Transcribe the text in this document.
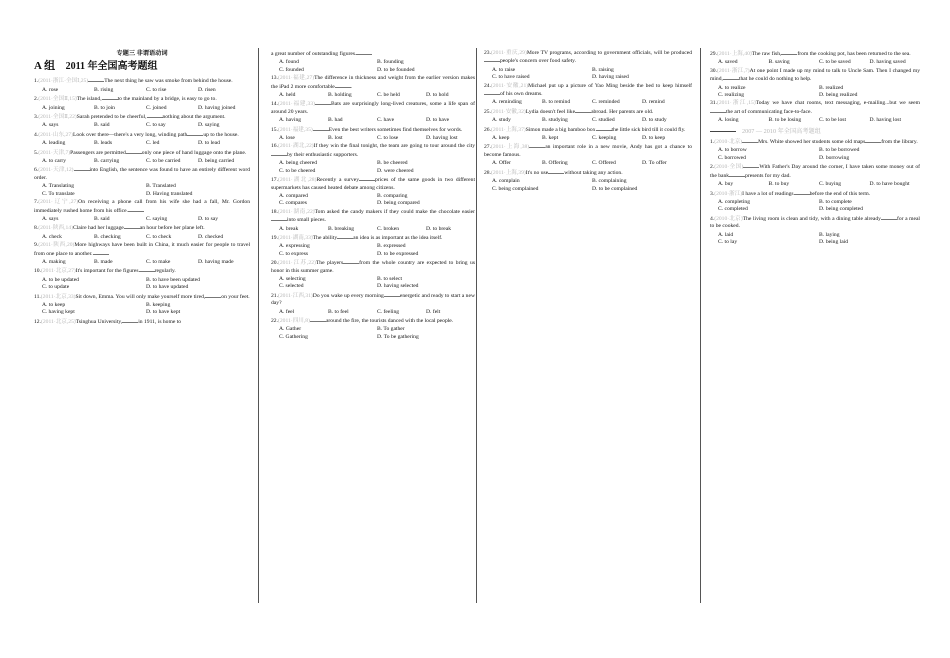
专题三 非谓语动词
A 组 2011 年全国高考题组
1.(2011·浙江·全国Ⅰ,25)	The next thing he saw was smoke from behind the house.
A. rose	B. rising	C. to rise	D. risen
2.(2011·全国Ⅱ,15)The island,	to the mainland by a bridge, is easy to go to.
A. joining	B. to join	C. joined	D. having joined
3.(2011·全国Ⅱ,22)Sarah pretended to be cheerful,	nothing about the argument.
A. says	B. said	C. to say	D. saying
4.(2011·山东,27)Look over there—there's a very long, winding path	up to the house.
A. leading	B. leads	C. led	D. to lead
5.(2011·天津,7)Passengers are permitted	only one piece of hand luggage onto the plane.
A. to carry	B. carrying	C. to be carried	D. being carried
6.(2011·天津,12)	into English, the sentence was found to have an entirely different word order.
A. Translating	B. Translated
C. To translate	D. Having translated
7.(2011·辽宁,27)On receiving a phone call from his wife she had a fall, Mr. Gordon immediately rushed home from his office.
A. says	B. said	C. saying	D. to say
8.(2011·陕西,14)Claire had her luggage	an hour before her plane left.
A. check	B. checking	C. to check	D. checked
9.(2011·陕西,20)More highways have been built in China, it much easier for people to travel from one place to another.
A. making	B. made	C. to make	D. having made
10.(2011·北京,27)It's important for the figures	regularly.
A. to be updated	B. to have been updated
C. to update	D. to have updated
11.(2011·北京,33)Sit down, Emma. You will only make yourself more tired,	on your feet.
A. to keep	B. keeping
C. having kept	D. to have kept
12.(2011·北京,25)Tsinghua University,	in 1911, is home to
a great number of outstanding figures.
A. found	B. founding
C. founded	D. to be founded
13.(2011·福建,27)The difference in thickness and weight from the earlier version makes the iPad 2 more comfortable	.
A. held	B. holding	C. be held	D. to hold
14.(2011·福建,33)	Bats are surprisingly long-lived creatures, some a life span of around 20 years.
A. having	B. had	C. have	D. to have
15.(2011·福建,35)	Even the best writers sometimes find themselves for words.
A. lose	B. lost	C. to lose	D. having lost
16.(2011·湖北,22)If they win the final tonight, the team are going to tour around the cityby their enthusiastic supporters.
A. being cheered	B. be cheered
C. to be cheered	D. were cheered
17.(2011·湖北,28)Recently a survey	prices of the same goods in two different supermarkets has caused heated debate among citizens.
A. compared	B. comparing
C. compares	D. being compared
18.(2011·湖南,22)Tom asked the candy makers if they could make the chocolate easierinto small pieces.
A. break	B. breaking	C. broken	D. to break
19.(2011·湖南,33)The ability	an idea is as important as the idea itself.
A. expressing	B. expressed
C. to express	D. to be expressed
20.(2011·江苏,22)The players	from the whole country are expected to bring us honor in this summer game.
A. selecting	B. to select
C. selected	D. having selected
21.(2011·江西,31)Do you wake up every morning	energetic and ready to start a new day?
A. feel	B. to feel	C. feeling	D. felt
22.(2011·四川,8)	around the fire, the tourists danced with the local people.
A. Gather	B. To gather
C. Gathering	D. To be gathering
23.(2011·重庆,29)More TV programs, according to government officials, will be producedpeople's concern over food safety.
A. to raise	B. raising
C. to have raised	D. having raised
24.(2011·安徽,21)Michael put up a picture of Yao Ming beside the bed to keep himselfof his own dreams.
A. reminding	B. to remind	C. reminded	D. remind
25.(2011·安徽,32)Lydia doesn't feel like	abroad. Her parents are old.
A. study	B. studying	C. studied	D. to study
26.(2011·上海,37)Simon made a big bamboo box	the little sick bird till it could fly.
A. keep	B. kept	C. keeping	D. to keep
27.(2011·上海,38)	an important role in a new movie, Andy has got a chance to become famous.
A. Offer	B. Offering	C. Offered	D. To offer
28.(2011·上海,39)It's no use	without taking any action.
A. complain	B. complaining
C. being complained	D. to be complained
29.(2011·上海,40)The raw fish,	from the cooking pot, has been returned to the sea.
A. saved	B. saving	C. to be saved	D. having saved
30.(2011·浙江,7)At one point I made up my mind to talk to Uncle Sam. Then I changed my mind,	that he could do nothing to help.
A. to realize	B. realized
C. realizing	D. being realized
31.(2011·浙江,15)Today we have chat rooms, text messaging, e-mailing...but we seemthe art of communicating face-to-face.
A. losing	B. to be losing	C. to be lost	D. having lost
2007 — 2010 年全国高考题组
1.(2010·北京)	Mrs. White showed her students some old maps	from the library.
A. to borrow	B. to be borrowed
C. borrowed	D. borrowing
2.(2010·全国)	With Father's Day around the corner, I have taken some money out of the bank	presents for my dad.
A. buy	B. to buy	C. buying	D. to have bought
3.(2010·浙江)I have a lot of readings	before the end of this term.
A. completing	B. to complete
C. completed	D. being completed
4.(2010·北京)The living room is clean and tidy, with a dining table already	for a meal to be cooked.
A. laid	B. laying
C. to lay	D. being laid
